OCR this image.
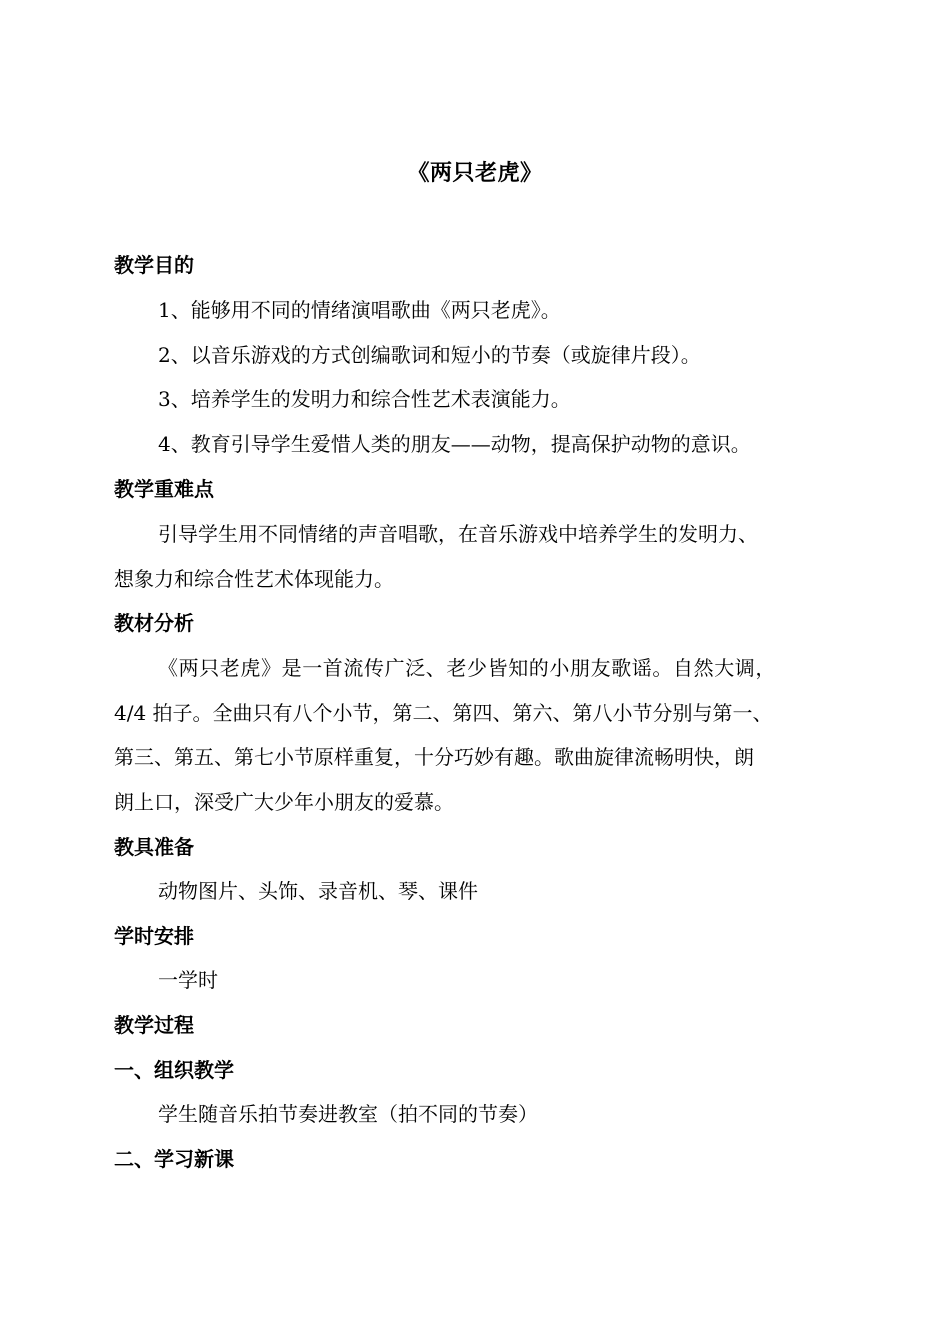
《两只老虎》
教学目的
1、能够用不同的情绪演唱歌曲《两只老虎》。
2、以音乐游戏的方式创编歌词和短小的节奏（或旋律片段）。
3、培养学生的发明力和综合性艺术表演能力。
4、教育引导学生爱惜人类的朋友——动物，提高保护动物的意识。
教学重难点
引导学生用不同情绪的声音唱歌，在音乐游戏中培养学生的发明力、
想象力和综合性艺术体现能力。
教材分析
《两只老虎》是一首流传广泛、老少皆知的小朋友歌谣。自然大调，
4/4 拍子。全曲只有八个小节，第二、第四、第六、第八小节分别与第一、
第三、第五、第七小节原样重复，十分巧妙有趣。歌曲旋律流畅明快，朗
朗上口，深受广大少年小朋友的爱慕。
教具准备
动物图片、头饰、录音机、琴、课件
学时安排
一学时
教学过程
一、组织教学
学生随音乐拍节奏进教室（拍不同的节奏）
二、学习新课
